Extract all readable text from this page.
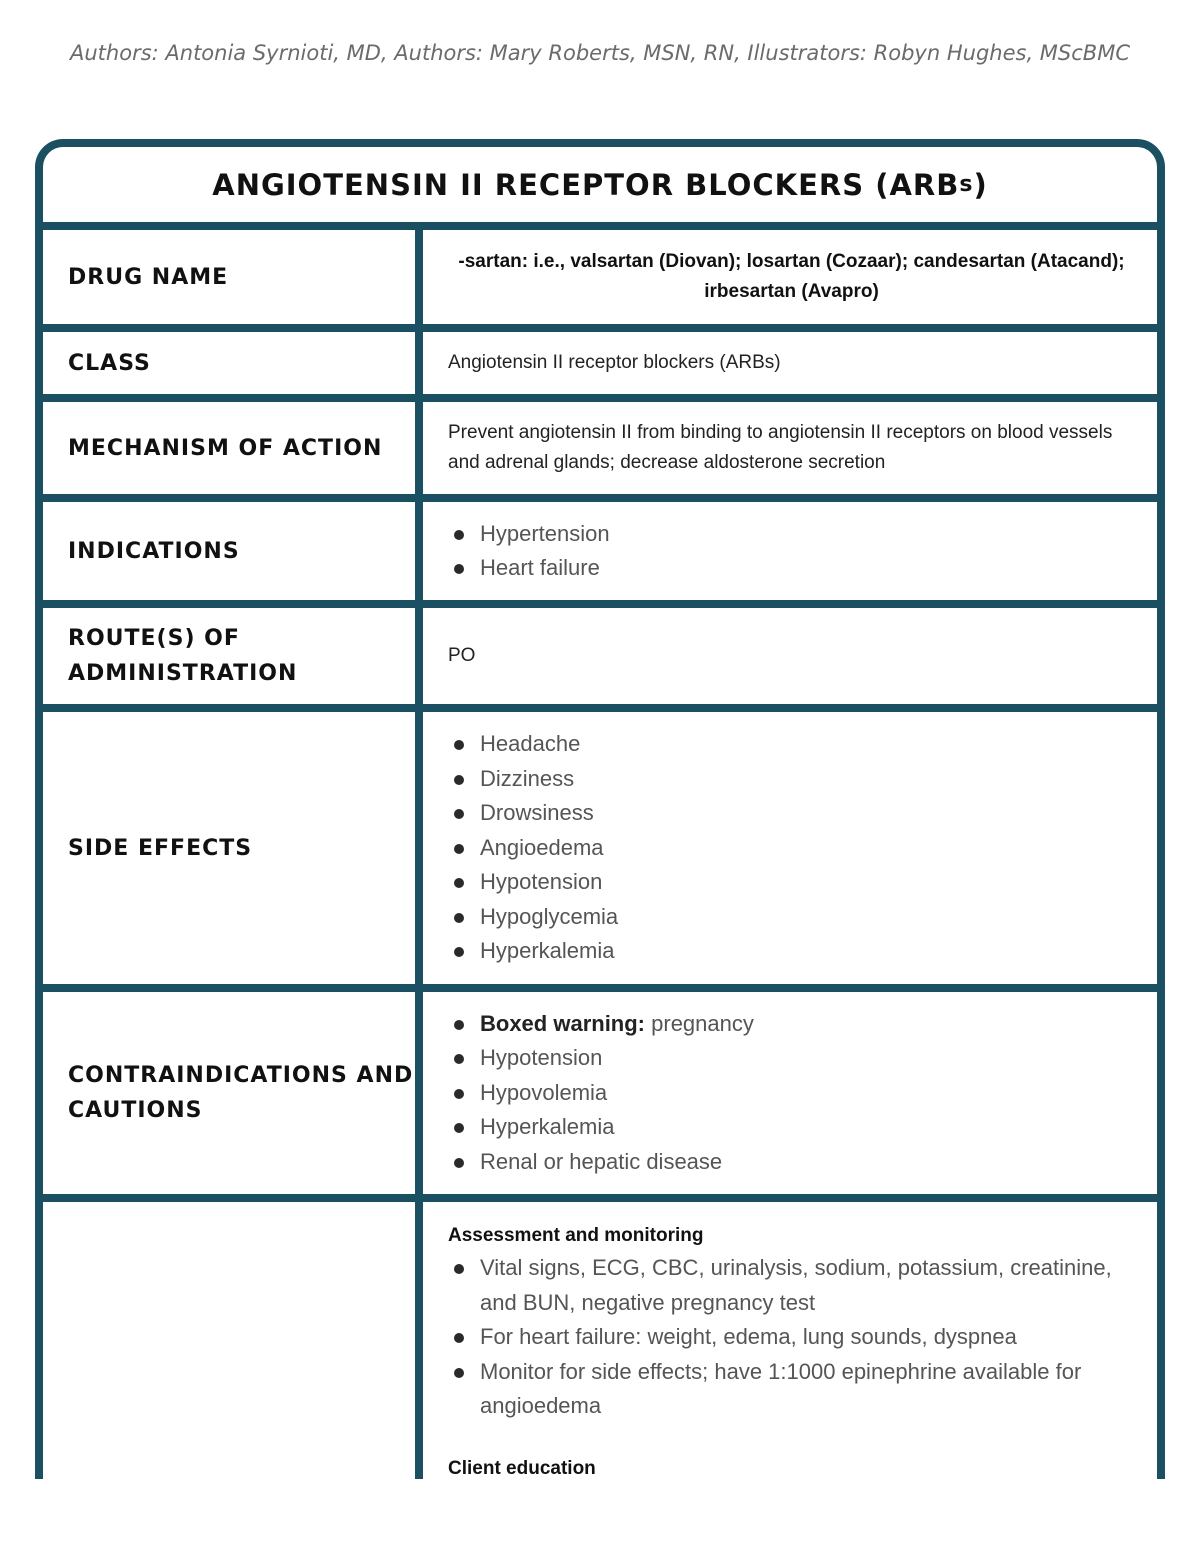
Authors: Antonia Syrnioti, MD, Authors: Mary Roberts, MSN, RN, Illustrators: Robyn Hughes, MScBMC
ANGIOTENSIN II RECEPTOR BLOCKERS (ARB s )
DRUG NAME
-sartan: i.e., valsartan (Diovan); losartan (Cozaar); candesartan (Atacand); irbesartan (Avapro)
CLASS	Angiotensin II receptor blockers (ARBs)
MECHANISM OF ACTION
Prevent angiotensin II from binding to angiotensin II receptors on blood vessels and adrenal glands; decrease aldosterone secretion
INDICATIONS
Hypertension
Heart failure
ROUTE(S) OF ADMINISTRATION
PO
SIDE EFFECTS
Headache
Dizziness
Drowsiness
Angioedema
Hypotension
Hypoglycemia
Hyperkalemia
CONTRAINDICATIONS AND CAUTIONS
Boxed warning: pregnancy
Hypotension
Hypovolemia
Hyperkalemia
Renal or hepatic disease
Assessment and monitoring
Vital signs, ECG, CBC, urinalysis, sodium, potassium, creatinine, and BUN, negative pregnancy test
For heart failure: weight, edema, lung sounds, dyspnea
Monitor for side effects; have 1:1000 epinephrine available for angioedema
Client education
